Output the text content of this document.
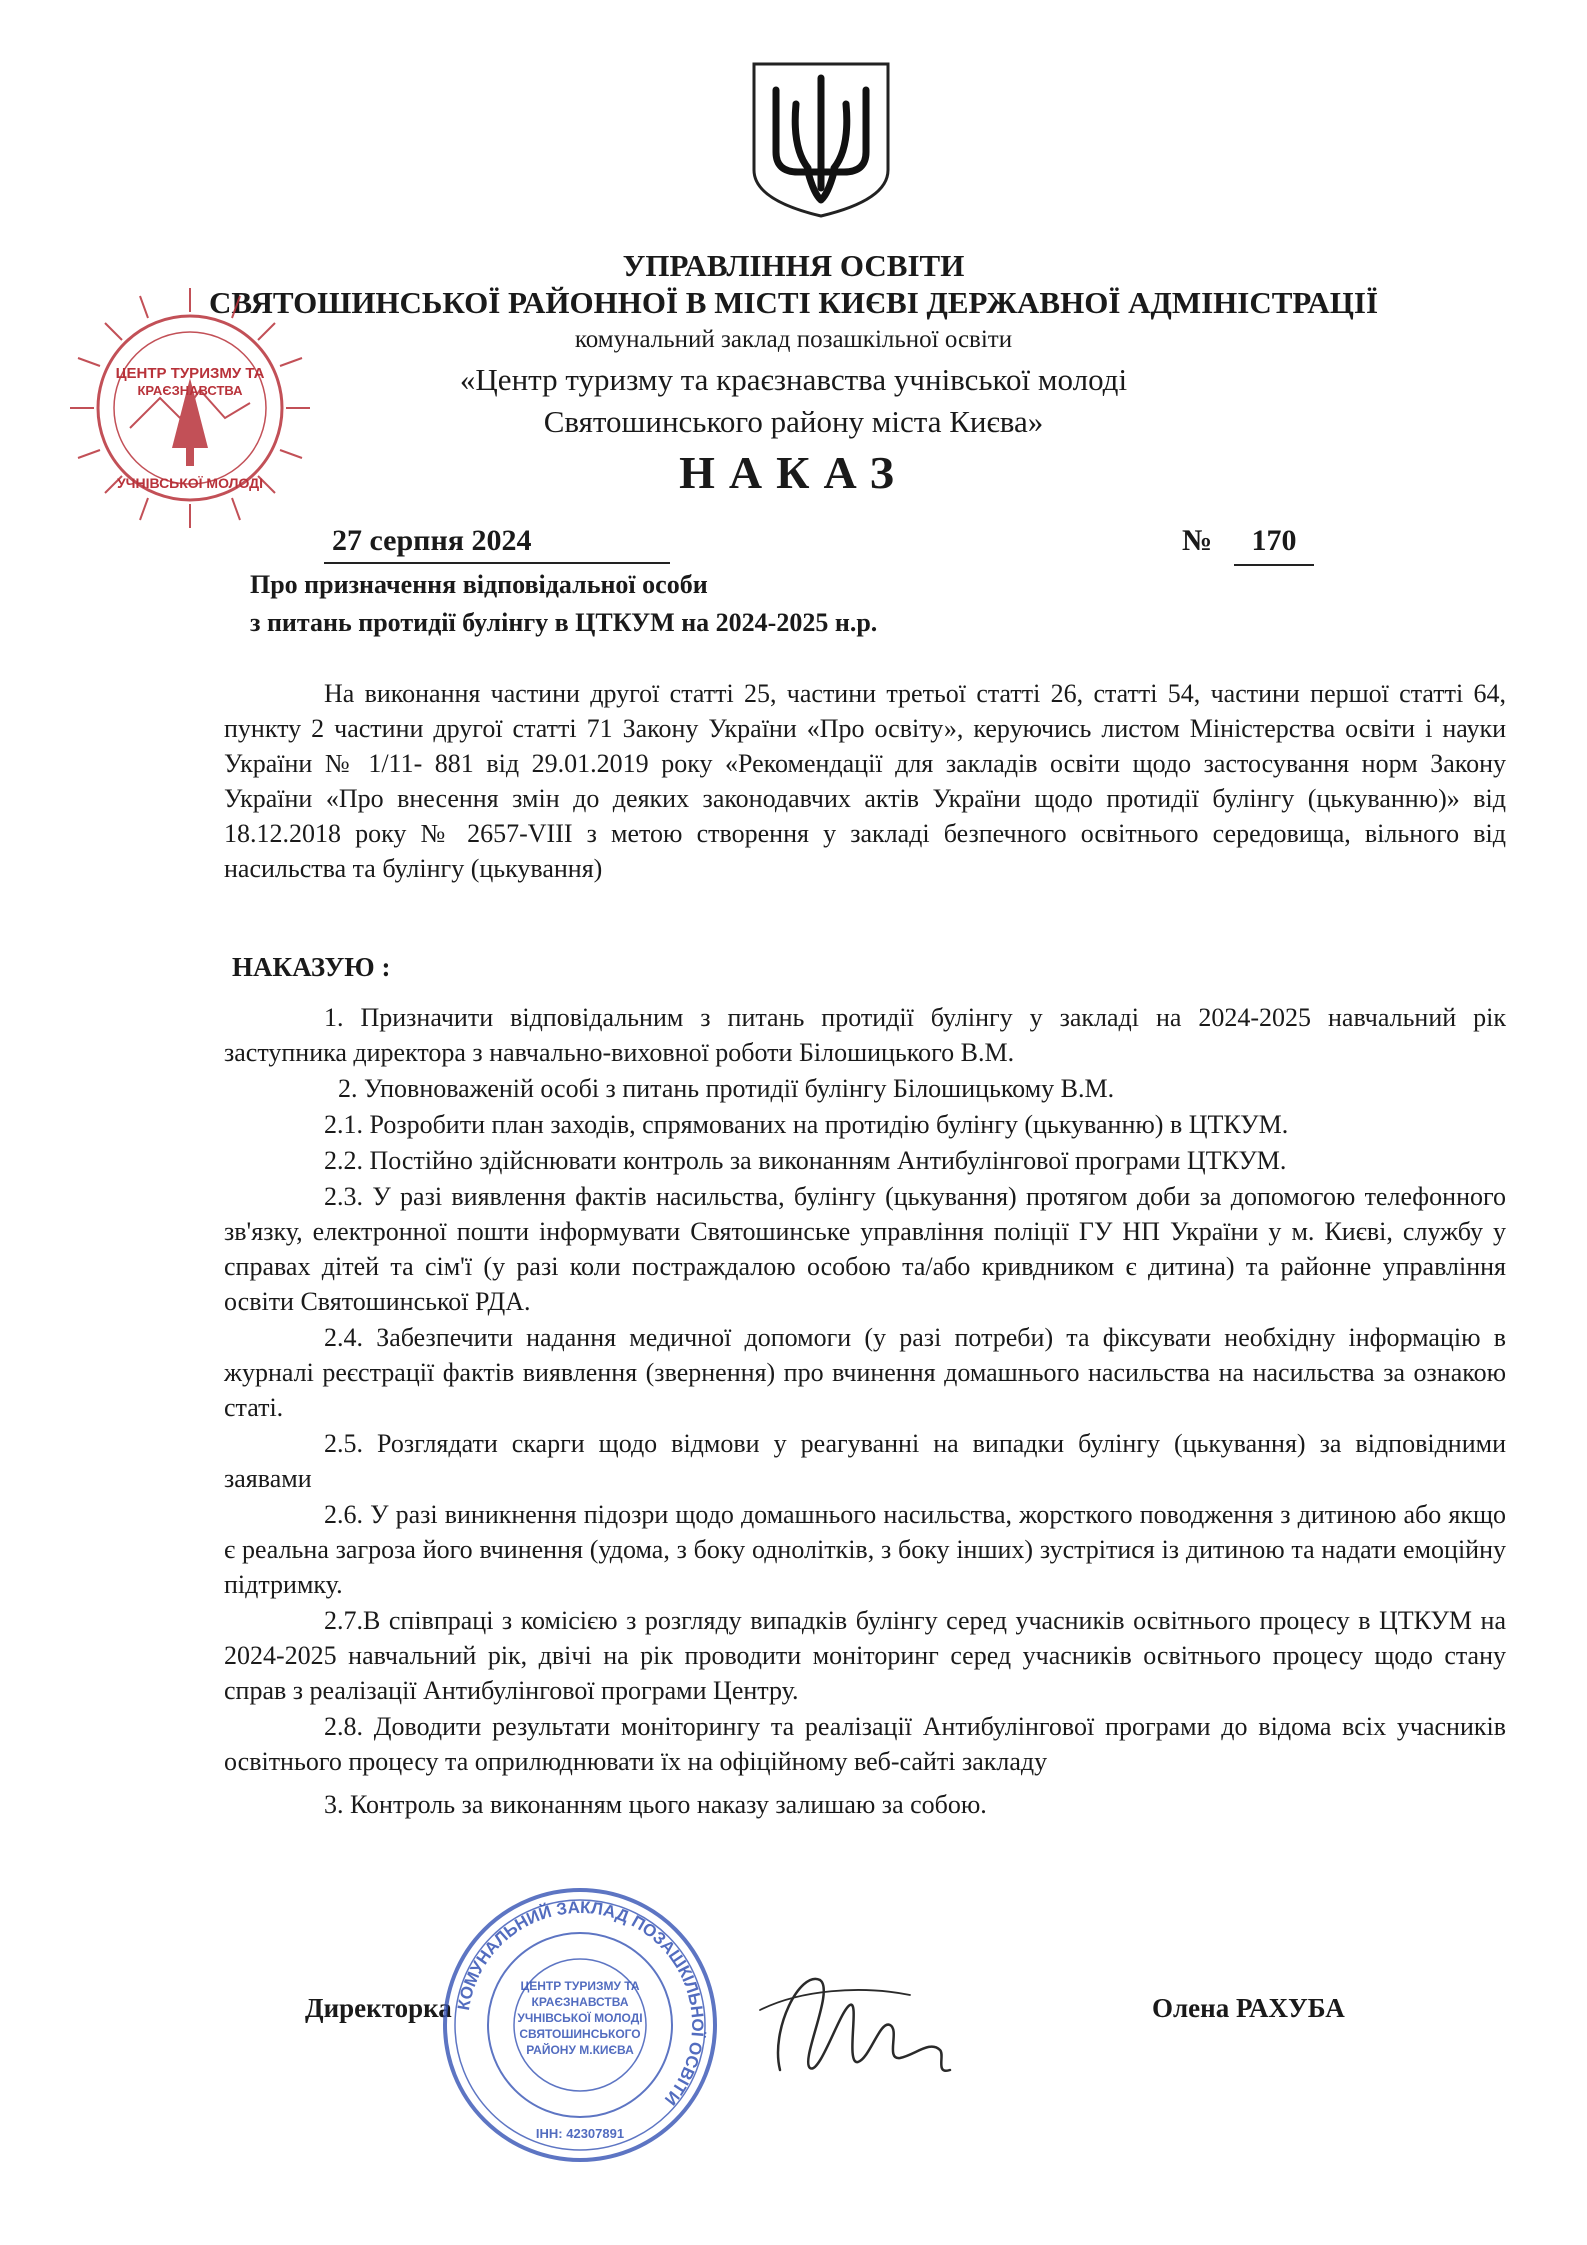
УПРАВЛІННЯ ОСВІТИ
СВЯТОШИНСЬКОЇ РАЙОННОЇ В МІСТІ КИЄВІ ДЕРЖАВНОЇ АДМІНІСТРАЦІЇ
комунальний заклад позашкільної освіти
«Центр туризму та краєзнавства учнівської молоді
Святошинського району міста Києва»
НАКАЗ
ЦЕНТР ТУРИЗМУ ТА
КРАЄЗНАВСТВА
УЧНІВСЬКОЇ МОЛОДІ
27 серпня 2024	№	170
Про призначення відповідальної особи
з питань протидії булінгу в ЦТКУМ на 2024-2025 н.р.
На виконання частини другої статті 25, частини третьої статті 26, статті 54, частини першої статті 64, пункту 2 частини другої статті 71 Закону України «Про освіту», керуючись листом Міністерства освіти і науки України № 1/11- 881 від 29.01.2019 року «Рекомендації для закладів освіти щодо застосування норм Закону України «Про внесення змін до деяких законодавчих актів України щодо протидії булінгу (цькуванню)» від 18.12.2018 року № 2657-VIII з метою створення у закладі безпечного освітнього середовища, вільного від насильства та булінгу (цькування)
НАКАЗУЮ :
1. Призначити відповідальним з питань протидії булінгу у закладі на 2024-2025 навчальний рік заступника директора з навчально-виховної роботи Білошицького В.М.
2. Уповноваженій особі з питань протидії булінгу Білошицькому В.М.
2.1. Розробити план заходів, спрямованих на протидію булінгу (цькуванню) в ЦТКУМ.
2.2. Постійно здійснювати контроль за виконанням Антибулінгової програми ЦТКУМ.
2.3. У разі виявлення фактів насильства, булінгу (цькування) протягом доби за допомогою телефонного зв'язку, електронної пошти інформувати Святошинське управління поліції ГУ НП України у м. Києві, службу у справах дітей та сім'ї (у разі коли постраждалою особою та/або кривдником є дитина) та районне управління освіти Святошинської РДА.
2.4. Забезпечити надання медичної допомоги (у разі потреби) та фіксувати необхідну інформацію в журналі реєстрації фактів виявлення (звернення) про вчинення домашнього насильства на насильства за ознакою статі.
2.5. Розглядати скарги щодо відмови у реагуванні на випадки булінгу (цькування) за відповідними заявами
2.6. У разі виникнення підозри щодо домашнього насильства, жорсткого поводження з дитиною або якщо є реальна загроза його вчинення (удома, з боку однолітків, з боку інших) зустрітися із дитиною та надати емоційну підтримку.
2.7.В співпраці з комісією з розгляду випадків булінгу серед учасників освітнього процесу в ЦТКУМ на 2024-2025 навчальний рік, двічі на рік проводити моніторинг серед учасників освітнього процесу щодо стану справ з реалізації Антибулінгової програми Центру.
2.8. Доводити результати моніторингу та реалізації Антибулінгової програми до відома всіх учасників освітнього процесу та оприлюднювати їх на офіційному веб-сайті закладу
3. Контроль за виконанням цього наказу залишаю за собою.
Директорка	Олена РАХУБА
КОМУНАЛЬНИЙ ЗАКЛАД ПОЗАШКІЛЬНОЇ ОСВІТИ
ЦЕНТР ТУРИЗМУ ТА
КРАЄЗНАВСТВА
УЧНІВСЬКОЇ МОЛОДІ
СВЯТОШИНСЬКОГО
РАЙОНУ М.КИЄВА
ІНН: 42307891
